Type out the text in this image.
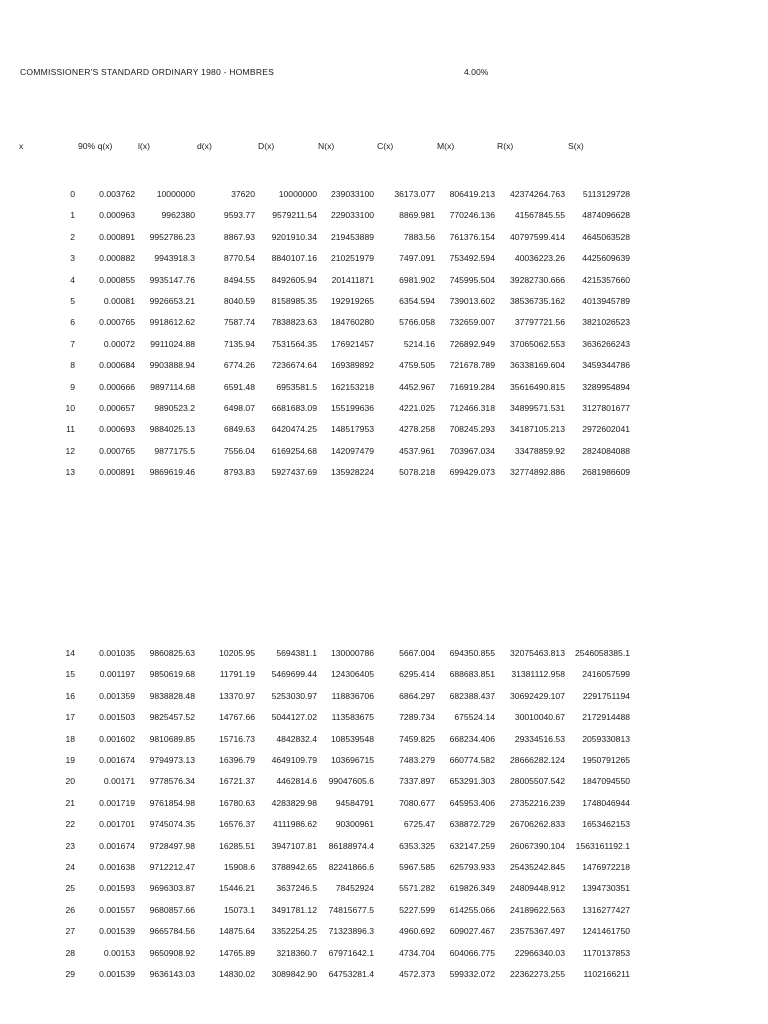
COMMISSIONER'S STANDARD ORDINARY 1980 - HOMBRES	4.00%
x	90% q(x)	l(x)	d(x)	D(x)	N(x)	C(x)	M(x)	R(x)	S(x)
0	0.003762	10000000	37620	10000000 239033100 36173.077 806419.213 42374264.763 5113129728
1	0.000963	9962380	9593.77 9579211.54 229033100	8869.981 770246.136 41567845.55 4874096628
2	0.000891 9952786.23	8867.93 9201910.34 219453889	7883.56 761376.154 40797599.414 4645063528
3	0.000882 9943918.3	8770.54 8840107.16 210251979	7497.091 753492.594 40036223.26 4425609639
4	0.000855 9935147.76	8494.55 8492605.94 201411871	6981.902 745995.504 39282730.666 4215357660
5	0.00081 9926653.21	8040.59 8158985.35 192919265	6354.594 739013.602 38536735.162 4013945789
6	0.000765 9918612.62	7587.74 7838823.63 184760280	5766.058 732659.007 37797721.56 3821026523
7	0.00072 9911024.88	7135.94 7531564.35 176921457	5214.16 726892.949 37065062.553 3636266243
8	0.000684 9903888.94	6774.26 7236674.64 169389892	4759.505 721678.789 36338169.604 3459344786
9	0.000666 9897114.68	6591.48 6953581.5 162153218	4452.967 716919.284 35616490.815 3289954894
10	0.000657 9890523.2	6498.07 6681683.09 155199636	4221.025 712466.318 34899571.531 3127801677
11	0.000693 9884025.13	6849.63 6420474.25 148517953	4278.258 708245.293 34187105.213 2972602041
12	0.000765 9877175.5	7556.04 6169254.68 142097479	4537.961 703967.034 33478859.92 2824084088
13	0.000891 9869619.46	8793.83 5927437.69 135928224	5078.218 699429.073 32774892.886 2681986609
14	0.001035 9860825.63	10205.95 5694381.1 130000786	5667.004 694350.855 32075463.813 2546058385.1
15	0.001197 9850619.68	11791.19 5469699.44 124306405	6295.414 688683.851 31381112.958 2416057599
16	0.001359 9838828.48	13370.97 5253030.97 118836706	6864.297 682388.437 30692429.107 2291751194
17	0.001503 9825457.52	14767.66 5044127.02 113583675	7289.734 675524.14 30010040.67 2172914488
18	0.001602 9810689.85	15716.73 4842832.4 108539548	7459.825 668234.406 29334516.53 2059330813
19	0.001674 9794973.13	16396.79 4649109.79 103696715	7483.279 660774.582 28666282.124 1950791265
20	0.00171 9778576.34	16721.37 4462814.6 99047605.6	7337.897 653291.303 28005507.542 1847094550
21	0.001719 9761854.98	16780.63 4283829.98 94584791	7080.677 645953.406 27352216.239 1748046944
22	0.001701 9745074.35	16576.37 4111986.62 90300961	6725.47 638872.729 26706262.833 1653462153
23	0.001674 9728497.98	16285.51 3947107.81 86188974.4	6353.325 632147.259 26067390.104 1563161192.1
24	0.001638 9712212.47	15908.6 3788942.65 82241866.6	5967.585 625793.933 25435242.845 1476972218
25	0.001593 9696303.87	15446.21 3637246.5 78452924	5571.282 619826.349 24809448.912 1394730351
26	0.001557 9680857.66	15073.1 3491781.12 74815677.5	5227.599 614255.066 24189622.563 1316277427
27	0.001539 9665784.56	14875.64 3352254.25 71323896.3	4960.692 609027.467 23575367.497 1241461750
28	0.00153 9650908.92	14765.89 3218360.7 67971642.1	4734.704 604066.775 22966340.03 1170137853
29	0.001539 9636143.03	14830.02 3089842.90 64753281.4	4572.373 599332.072 22362273.255 1102166211
